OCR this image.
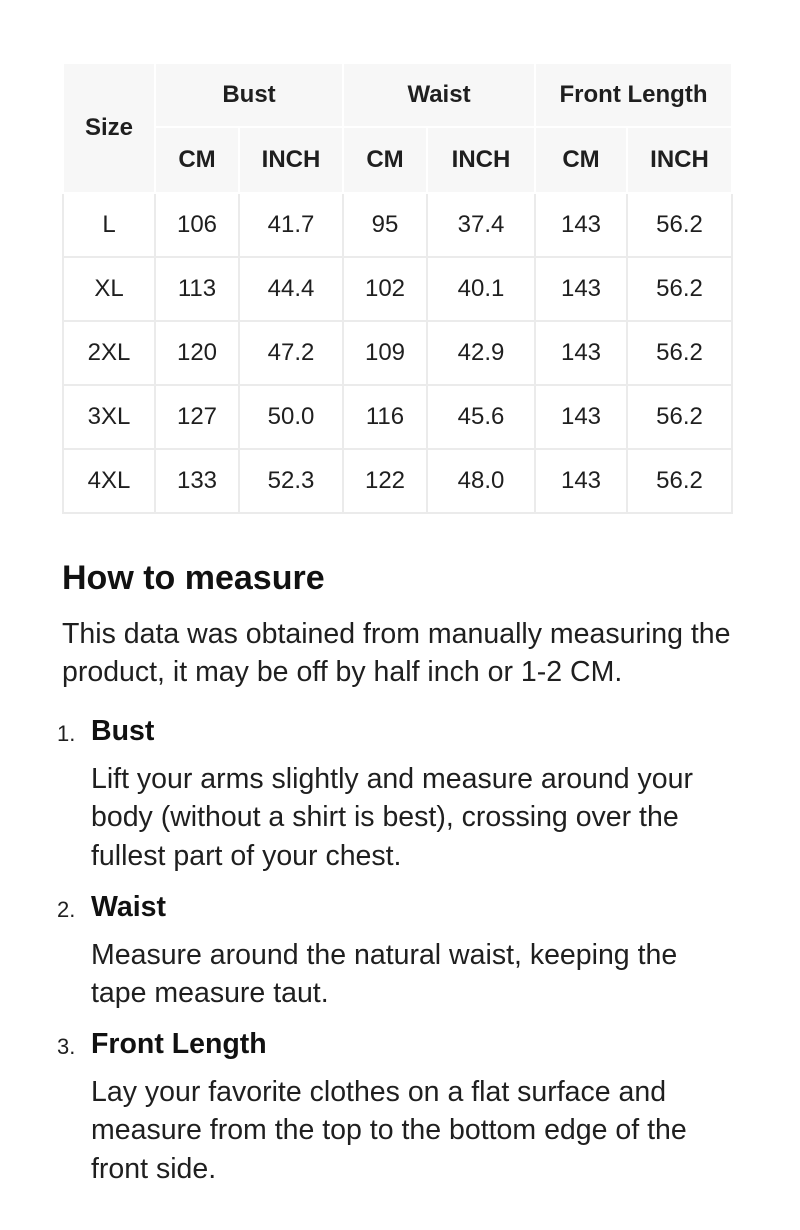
Size	Bust		Waist		Front Length	
	CM	INCH	CM	INCH	CM	INCH
L	106	41.7	95	37.4	143	56.2
XL	113	44.4	102	40.1	143	56.2
2XL	120	47.2	109	42.9	143	56.2
3XL	127	50.0	116	45.6	143	56.2
4XL	133	52.3	122	48.0	143	56.2
How to measure

This data was obtained from manually measuring the product, it may be off by half inch or 1-2 CM.

1. Bust

Lift your arms slightly and measure around your body (without a shirt is best), crossing over the fullest part of your chest.

2. Waist

Measure around the natural waist, keeping the tape measure taut.

3. Front Length

Lay your favorite clothes on a flat surface and measure from the top to the bottom edge of the front side.
